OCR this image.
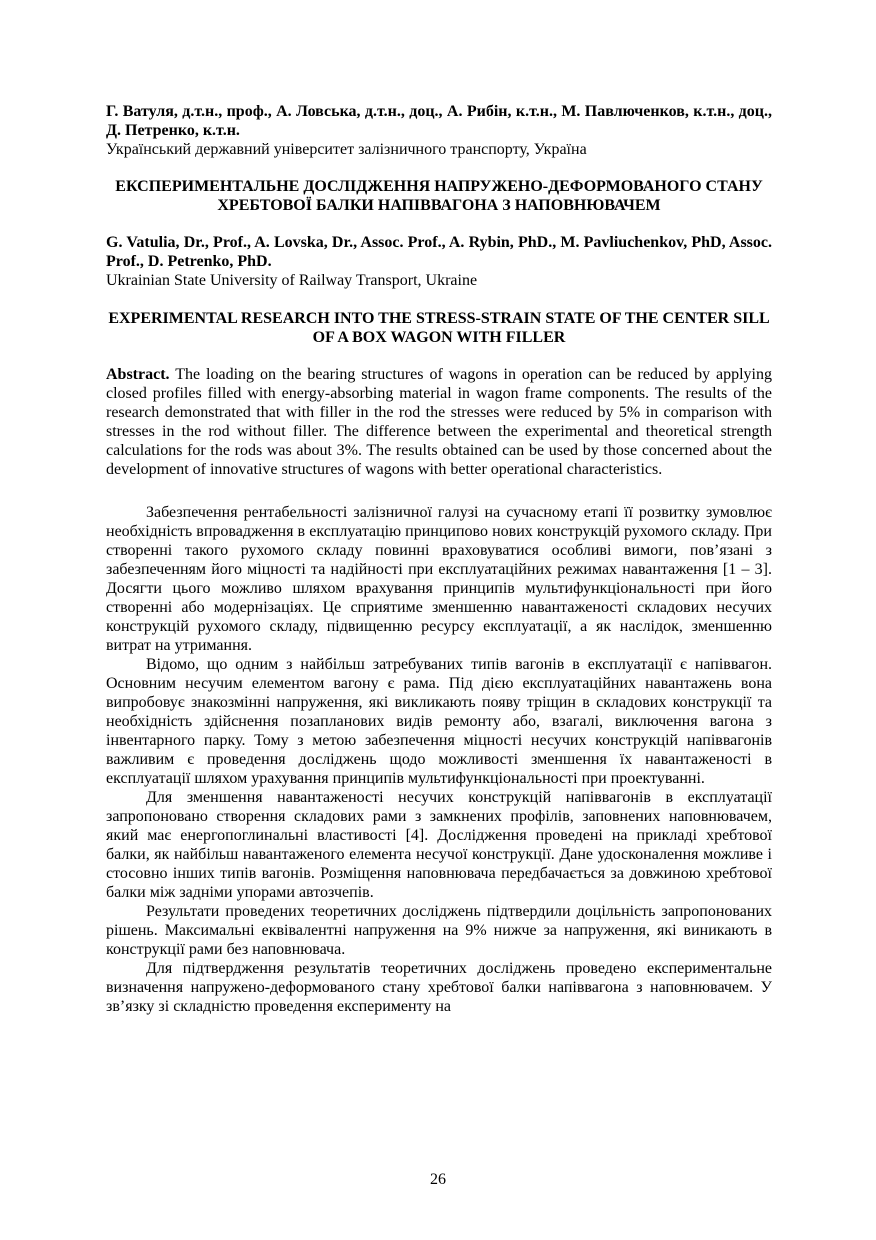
Г. Ватуля, д.т.н., проф., А. Ловська, д.т.н., доц., А. Рибін, к.т.н., М. Павлюченков, к.т.н., доц., Д. Петренко, к.т.н.

Український державний університет залізничного транспорту, Україна

ЕКСПЕРИМЕНТАЛЬНЕ ДОСЛІДЖЕННЯ НАПРУЖЕНО-ДЕФОРМОВАНОГО СТАНУ ХРЕБТОВОЇ БАЛКИ НАПІВВАГОНА З НАПОВНЮВАЧЕМ

G. Vatulia, Dr., Prof., A. Lovska, Dr., Assoc. Prof., A. Rybin, PhD., M. Pavliuchenkov, PhD, Assoc. Prof., D. Petrenko, PhD.

Ukrainian State University of Railway Transport, Ukraine

EXPERIMENTAL RESEARCH INTO THE STRESS-STRAIN STATE OF THE CENTER SILL OF A BOX WAGON WITH FILLER

Abstract. The loading on the bearing structures of wagons in operation can be reduced by applying closed profiles filled with energy-absorbing material in wagon frame components. The results of the research demonstrated that with filler in the rod the stresses were reduced by 5% in comparison with stresses in the rod without filler. The difference between the experimental and theoretical strength calculations for the rods was about 3%. The results obtained can be used by those concerned about the development of innovative structures of wagons with better operational characteristics.

Забезпечення рентабельності залізничної галузі на сучасному етапі її розвитку зумовлює необхідність впровадження в експлуатацію принципово нових конструкцій рухомого складу. При створенні такого рухомого складу повинні враховуватися особливі вимоги, пов’язані з забезпеченням його міцності та надійності при експлуатаційних режимах навантаження [1 – 3]. Досягти цього можливо шляхом врахування принципів мультифункціональності при його створенні або модернізаціях. Це сприятиме зменшенню навантаженості складових несучих конструкцій рухомого складу, підвищенню ресурсу експлуатації, а як наслідок, зменшенню витрат на утримання.

Відомо, що одним з найбільш затребуваних типів вагонів в експлуатації є напіввагон. Основним несучим елементом вагону є рама. Під дією експлуатаційних навантажень вона випробовує знакозмінні напруження, які викликають появу тріщин в складових конструкції та необхідність здійснення позапланових видів ремонту або, взагалі, виключення вагона з інвентарного парку. Тому з метою забезпечення міцності несучих конструкцій напіввагонів важливим є проведення досліджень щодо можливості зменшення їх навантаженості в експлуатації шляхом урахування принципів мультифункціональності при проектуванні.

Для зменшення навантаженості несучих конструкцій напіввагонів в експлуатації запропоновано створення складових рами з замкнених профілів, заповнених наповнювачем, який має енергопоглинальні властивості [4]. Дослідження проведені на прикладі хребтової балки, як найбільш навантаженого елемента несучої конструкції. Дане удосконалення можливе і стосовно інших типів вагонів. Розміщення наповнювача передбачається за довжиною хребтової балки між задніми упорами автозчепів.

Результати проведених теоретичних досліджень підтвердили доцільність запропонованих рішень. Максимальні еквівалентні напруження на 9% нижче за напруження, які виникають в конструкції рами без наповнювача.

Для підтвердження результатів теоретичних досліджень проведено експериментальне визначення напружено-деформованого стану хребтової балки напіввагона з наповнювачем. У зв’язку зі складністю проведення експерименту на

26
